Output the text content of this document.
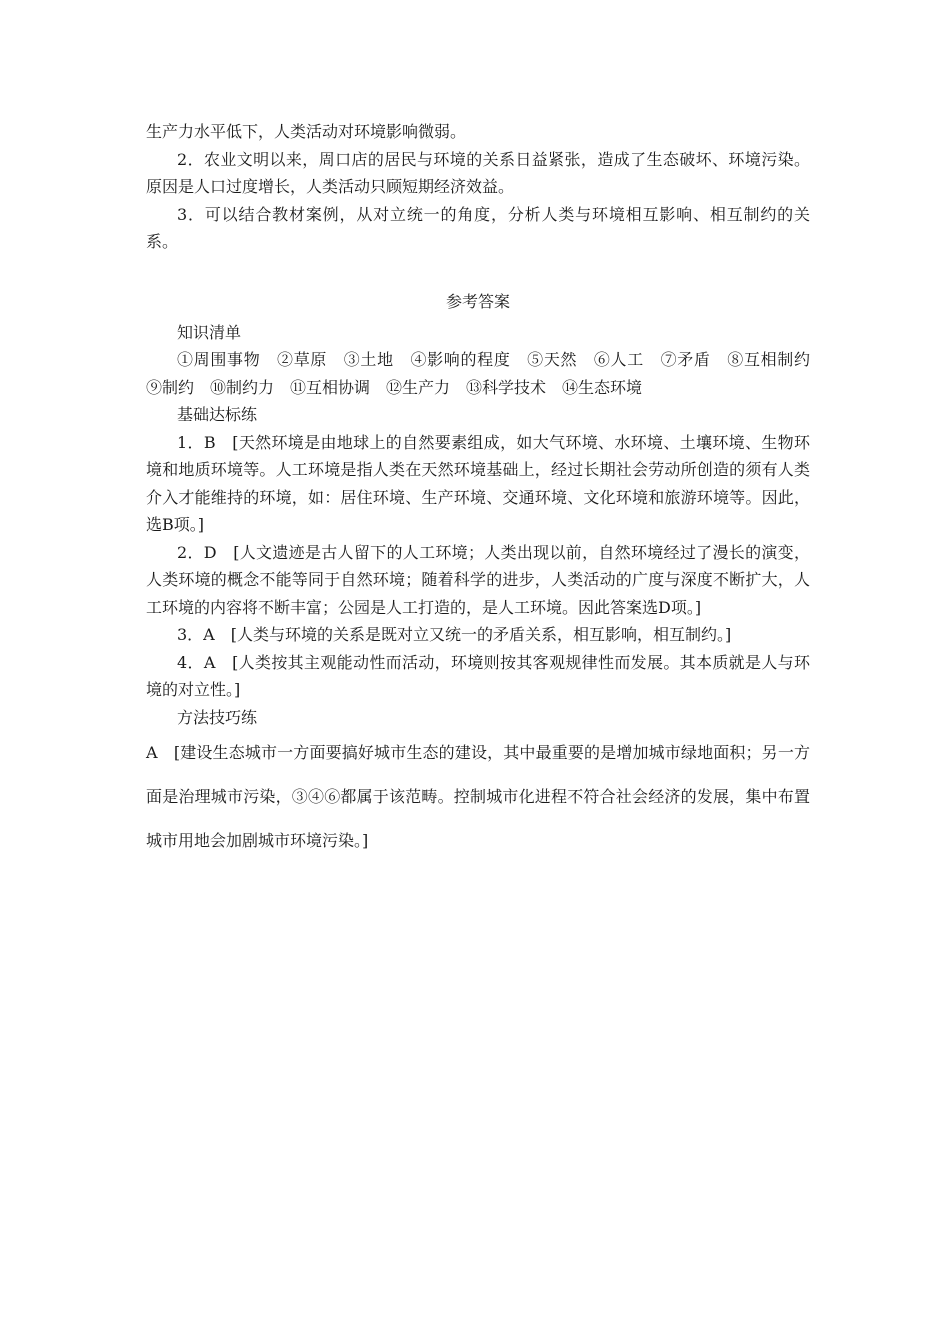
生产力水平低下，人类活动对环境影响微弱。

2．农业文明以来，周口店的居民与环境的关系日益紧张，造成了生态破坏、环境污染。原因是人口过度增长，人类活动只顾短期经济效益。

3．可以结合教材案例，从对立统一的角度，分析人类与环境相互影响、相互制约的关系。

参考答案

知识清单

①周围事物　②草原　③土地　④影响的程度　⑤天然　⑥人工　⑦矛盾　⑧互相制约　⑨制约　⑩制约力　⑪互相协调　⑫生产力　⑬科学技术　⑭生态环境

基础达标练

1．B　[天然环境是由地球上的自然要素组成，如大气环境、水环境、土壤环境、生物环境和地质环境等。人工环境是指人类在天然环境基础上，经过长期社会劳动所创造的须有人类介入才能维持的环境，如：居住环境、生产环境、交通环境、文化环境和旅游环境等。因此，选B项。]

2．D　[人文遗迹是古人留下的人工环境；人类出现以前，自然环境经过了漫长的演变，人类环境的概念不能等同于自然环境；随着科学的进步，人类活动的广度与深度不断扩大，人工环境的内容将不断丰富；公园是人工打造的，是人工环境。因此答案选D项。]

3．A　[人类与环境的关系是既对立又统一的矛盾关系，相互影响，相互制约。]

4．A　[人类按其主观能动性而活动，环境则按其客观规律性而发展。其本质就是人与环境的对立性。]

方法技巧练

A　[建设生态城市一方面要搞好城市生态的建设，其中最重要的是增加城市绿地面积；另一方面是治理城市污染，③④⑥都属于该范畴。控制城市化进程不符合社会经济的发展，集中布置城市用地会加剧城市环境污染。]
